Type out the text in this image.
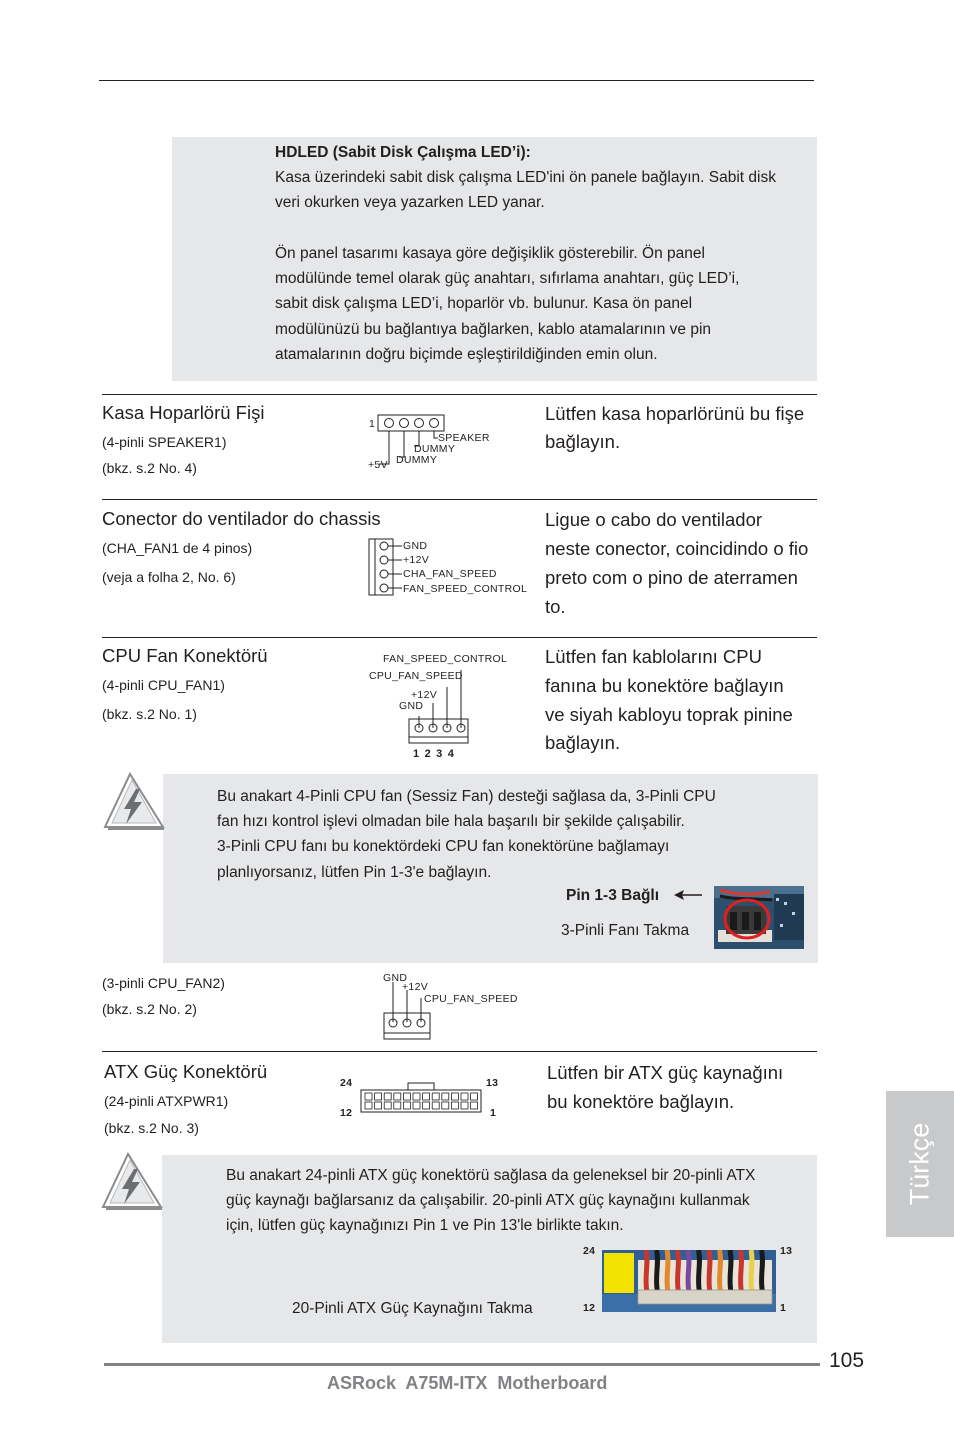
HDLED (Sabit Disk Çalışma LED’i):
Kasa üzerindeki sabit disk çalışma LED'ini ön panele bağlayın. Sabit disk
veri okurken veya yazarken LED yanar.
Ön panel tasarımı kasaya göre değişiklik gösterebilir. Ön panel
modülünde temel olarak güç anahtarı, sıfırlama anahtarı, güç LED’i,
sabit disk çalışma LED’i, hoparlör vb. bulunur. Kasa ön panel
modülünüzü bu bağlantıya bağlarken, kablo atamalarının ve pin
atamalarının doğru biçimde eşleştirildiğinden emin olun.
Kasa Hoparlörü Fişi
(4-pinli SPEAKER1)
(bkz. s.2 No. 4)
Lütfen kasa hoparlörünü bu fişe
bağlayın.
1
SPEAKER
DUMMY
+5V DUMMY
Conector do ventilador do chassis
(CHA_FAN1 de 4 pinos)
(veja a folha 2, No. 6)
Ligue o cabo do ventilador
neste conector, coincidindo o fio
preto com o pino de aterramen
to.
GND
+12V
CHA_FAN_SPEED
FAN_SPEED_CONTROL
CPU Fan Konektörü
(4-pinli CPU_FAN1)
(bkz. s.2 No. 1)
Lütfen fan kablolarını CPU
fanına bu konektöre bağlayın
ve siyah kabloyu toprak pinine
bağlayın.
FAN_SPEED_CONTROL
CPU_FAN_SPEED
+12V
GND
1 2 3 4
Bu anakart 4-Pinli CPU fan (Sessiz Fan) desteği sağlasa da, 3-Pinli CPU
fan hızı kontrol işlevi olmadan bile hala başarılı bir şekilde çalışabilir.
3-Pinli CPU fanı bu konektördeki CPU fan konektörüne bağlamayı
planlıyorsanız, lütfen Pin 1-3'e bağlayın.
Pin 1-3 Bağlı
3-Pinli Fanı Takma
(3-pinli CPU_FAN2)
(bkz. s.2 No. 2)
GND
+12V
CPU_FAN_SPEED
ATX Güç Konektörü
(24-pinli ATXPWR1)
(bkz. s.2 No. 3)
Lütfen bir ATX güç kaynağını
bu konektöre bağlayın.
24	13
12	1
Bu anakart 24-pinli ATX güç konektörü sağlasa da geleneksel bir 20-pinli ATX
güç kaynağı bağlarsanız da çalışabilir. 20-pinli ATX güç kaynağını kullanmak
için, lütfen güç kaynağınızı Pin 1 ve Pin 13'le birlikte takın.
20-Pinli ATX Güç Kaynağını Takma
24	13
12	1
Türkçe
105
ASRock  A75M-ITX  Motherboard
